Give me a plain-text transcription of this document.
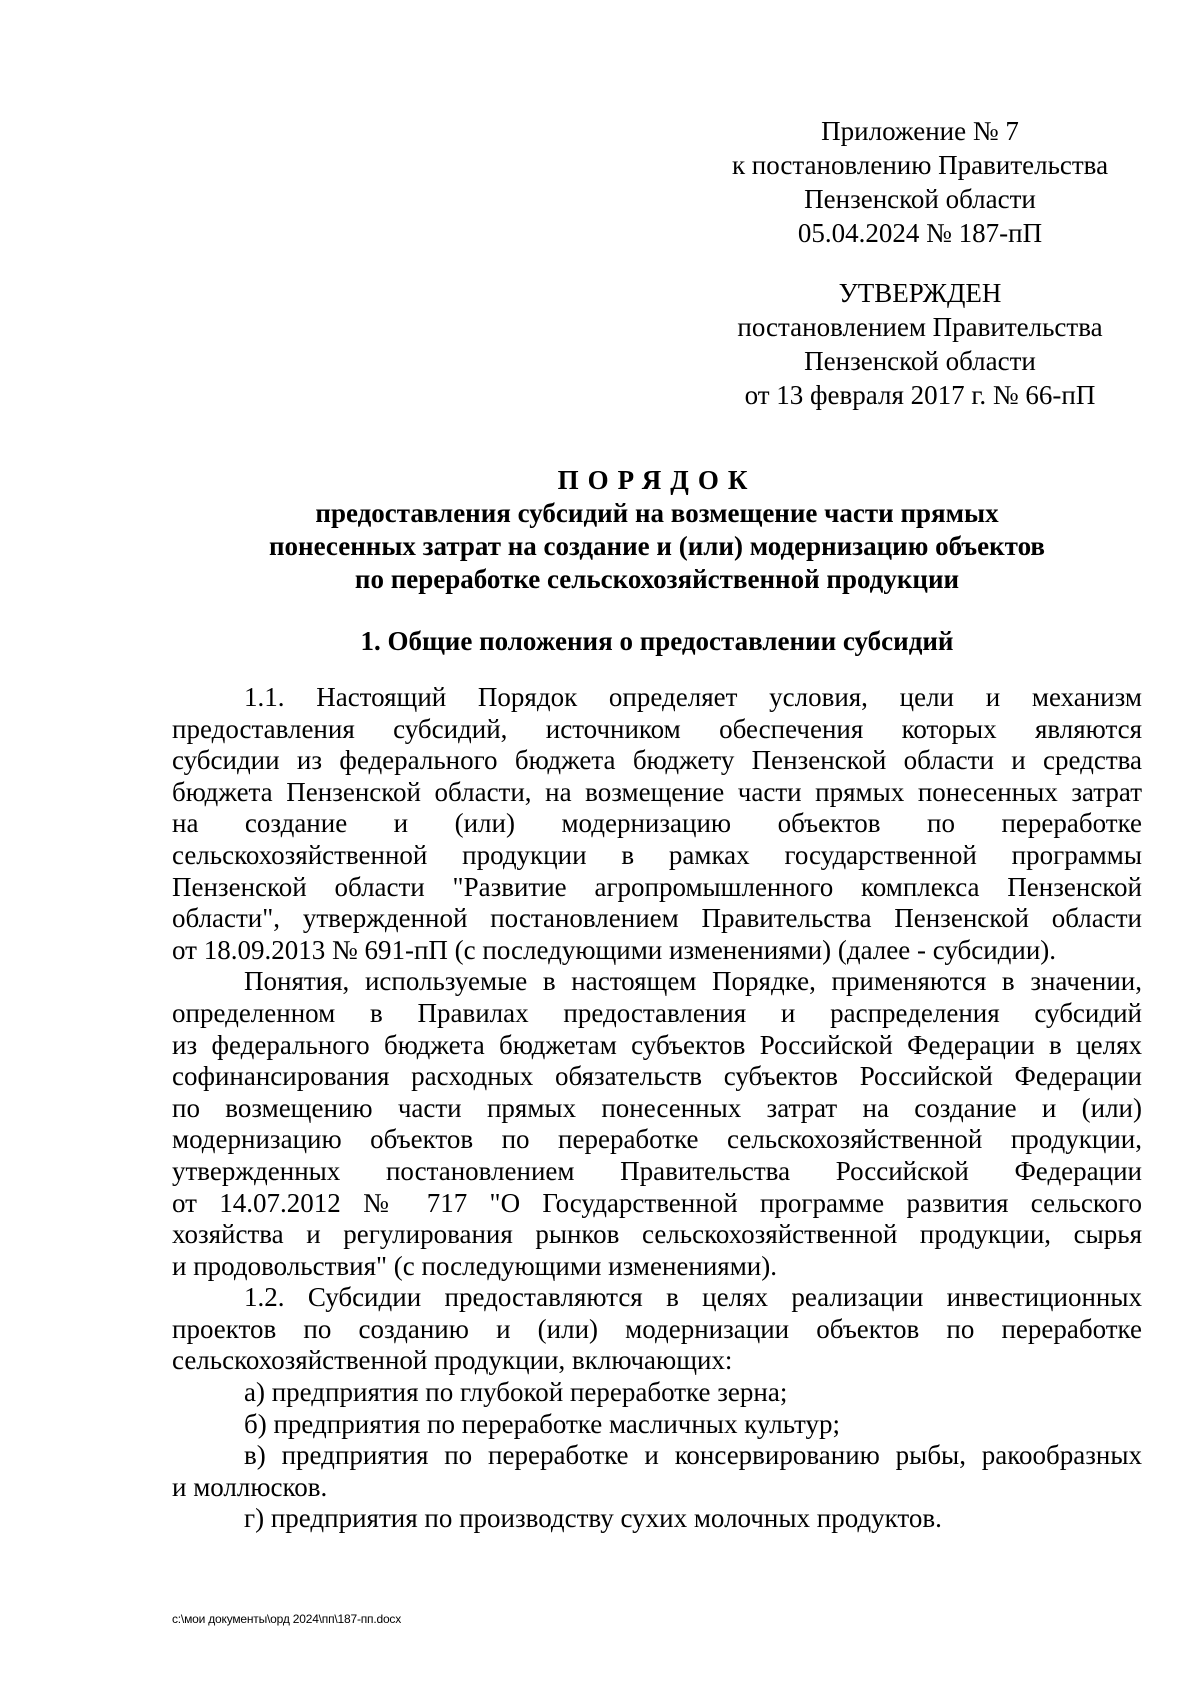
Приложение № 7
к постановлению Правительства
Пензенской области
05.04.2024 № 187-пП
УТВЕРЖДЕН
постановлением Правительства
Пензенской области
от 13 февраля 2017 г. № 66-пП
ПОРЯДОК
предоставления субсидий на возмещение части прямых
понесенных затрат на создание и (или) модернизацию объектов
по переработке сельскохозяйственной продукции
1. Общие положения о предоставлении субсидий
1.1. Настоящий Порядок определяет условия, цели и механизм
предоставления субсидий, источником обеспечения которых являются
субсидии из федерального бюджета бюджету Пензенской области и средства
бюджета Пензенской области, на возмещение части прямых понесенных затрат
на создание и (или) модернизацию объектов по переработке
сельскохозяйственной продукции в рамках государственной программы
Пензенской области "Развитие агропромышленного комплекса Пензенской
области", утвержденной постановлением Правительства Пензенской области
от 18.09.2013 № 691-пП (с последующими изменениями) (далее - субсидии).
Понятия, используемые в настоящем Порядке, применяются в значении,
определенном в Правилах предоставления и распределения субсидий
из федерального бюджета бюджетам субъектов Российской Федерации в целях
софинансирования расходных обязательств субъектов Российской Федерации
по возмещению части прямых понесенных затрат на создание и (или)
модернизацию объектов по переработке сельскохозяйственной продукции,
утвержденных постановлением Правительства Российской Федерации
от 14.07.2012 № 717 "О Государственной программе развития сельского
хозяйства и регулирования рынков сельскохозяйственной продукции, сырья
и продовольствия" (с последующими изменениями).
1.2. Субсидии предоставляются в целях реализации инвестиционных
проектов по созданию и (или) модернизации объектов по переработке
сельскохозяйственной продукции, включающих:
а) предприятия по глубокой переработке зерна;
б) предприятия по переработке масличных культур;
в) предприятия по переработке и консервированию рыбы, ракообразных
и моллюсков.
г) предприятия по производству сухих молочных продуктов.
c:\мои документы\орд 2024\пп\187-пп.docx
